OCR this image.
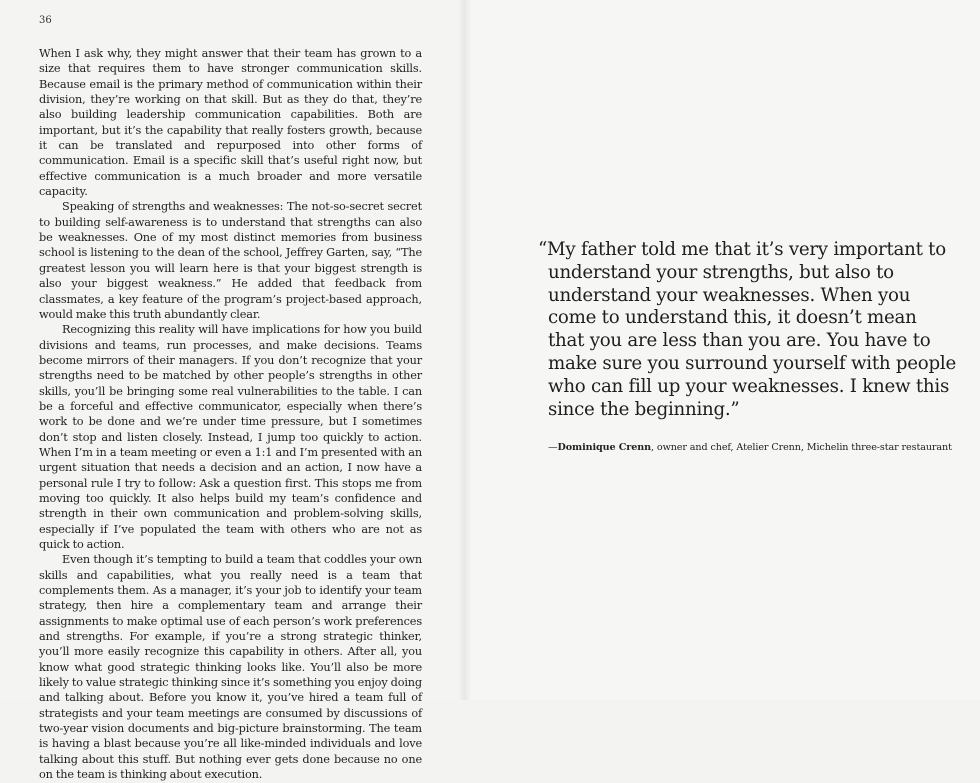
36

When I ask why, they might answer that their team has grown to a size that requires them to have stronger communication skills. Because email is the primary method of communication within their division, they’re working on that skill. But as they do that, they’re also building leadership communication capabilities. Both are important, but it’s the capability that really fosters growth, because it can be translated and repurposed into other forms of communication. Email is a specific skill that’s useful right now, but effective communication is a much broader and more versatile capacity.

Speaking of strengths and weaknesses: The not-so-secret secret to building self-awareness is to understand that strengths can also be weaknesses. One of my most distinct memories from business school is listening to the dean of the school, Jeffrey Garten, say, “The greatest lesson you will learn here is that your biggest strength is also your biggest weakness.” He added that feedback from classmates, a key feature of the program’s project-based approach, would make this truth abundantly clear.

Recognizing this reality will have implications for how you build divisions and teams, run processes, and make decisions. Teams become mirrors of their managers. If you don’t recognize that your strengths need to be matched by other people’s strengths in other skills, you’ll be bringing some real vulnerabilities to the table. I can be a forceful and effective communicator, especially when there’s work to be done and we’re under time pressure, but I sometimes don’t stop and listen closely. Instead, I jump too quickly to action. When I’m in a team meeting or even a 1:1 and I’m presented with an urgent situation that needs a decision and an action, I now have a personal rule I try to follow: Ask a question first. This stops me from moving too quickly. It also helps build my team’s confidence and strength in their own communication and problem-solving skills, especially if I’ve populated the team with others who are not as quick to action.

Even though it’s tempting to build a team that coddles your own skills and capabilities, what you really need is a team that complements them. As a manager, it’s your job to identify your team strategy, then hire a complementary team and arrange their assignments to make optimal use of each person’s work preferences and strengths. For example, if you’re a strong strategic thinker, you’ll more easily recognize this capability in others. After all, you know what good strategic thinking looks like. You’ll also be more likely to value strategic thinking since it’s something you enjoy doing and talking about. Before you know it, you’ve hired a team full of strategists and your team meetings are consumed by discussions of two-year vision documents and big-picture brainstorming. The team is having a blast because you’re all like-minded individuals and love talking about this stuff. But nothing ever gets done because no one on the team is thinking about execution.

“My father told me that it’s very important to understand your strengths, but also to understand your weaknesses. When you come to understand this, it doesn’t mean that you are less than you are. You have to make sure you surround yourself with people who can fill up your weaknesses. I knew this since the beginning.”
—Dominique Crenn, owner and chef, Atelier Crenn, Michelin three-star restaurant
